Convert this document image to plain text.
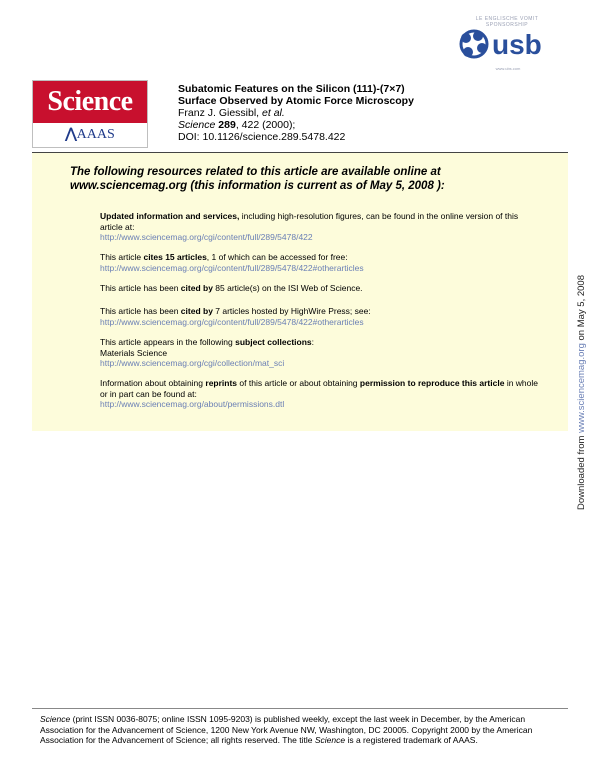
LE ENGLISCHE VOMIT
SPONSORSHIP
usb
www.ubs.com
Science
⋀AAAS
Subatomic Features on the Silicon (111)-(7×7)
Surface Observed by Atomic Force Microscopy
Franz J. Giessibl, et al.
Science 289, 422 (2000);
DOI: 10.1126/science.289.5478.422
The following resources related to this article are available online at
www.sciencemag.org (this information is current as of May 5, 2008 ):
Updated information and services, including high-resolution figures, can be found in the online version of this article at:
http://www.sciencemag.org/cgi/content/full/289/5478/422
This article cites 15 articles, 1 of which can be accessed for free:
http://www.sciencemag.org/cgi/content/full/289/5478/422#otherarticles
This article has been cited by 85 article(s) on the ISI Web of Science.
This article has been cited by 7 articles hosted by HighWire Press; see:
http://www.sciencemag.org/cgi/content/full/289/5478/422#otherarticles
This article appears in the following subject collections:
Materials Science
http://www.sciencemag.org/cgi/collection/mat_sci
Information about obtaining reprints of this article or about obtaining permission to reproduce this article in whole or in part can be found at:
http://www.sciencemag.org/about/permissions.dtl
Downloaded from www.sciencemag.org on May 5, 2008
Science (print ISSN 0036-8075; online ISSN 1095-9203) is published weekly, except the last week in December, by the American Association for the Advancement of Science, 1200 New York Avenue NW, Washington, DC 20005. Copyright 2000 by the American Association for the Advancement of Science; all rights reserved. The title Science is a registered trademark of AAAS.
